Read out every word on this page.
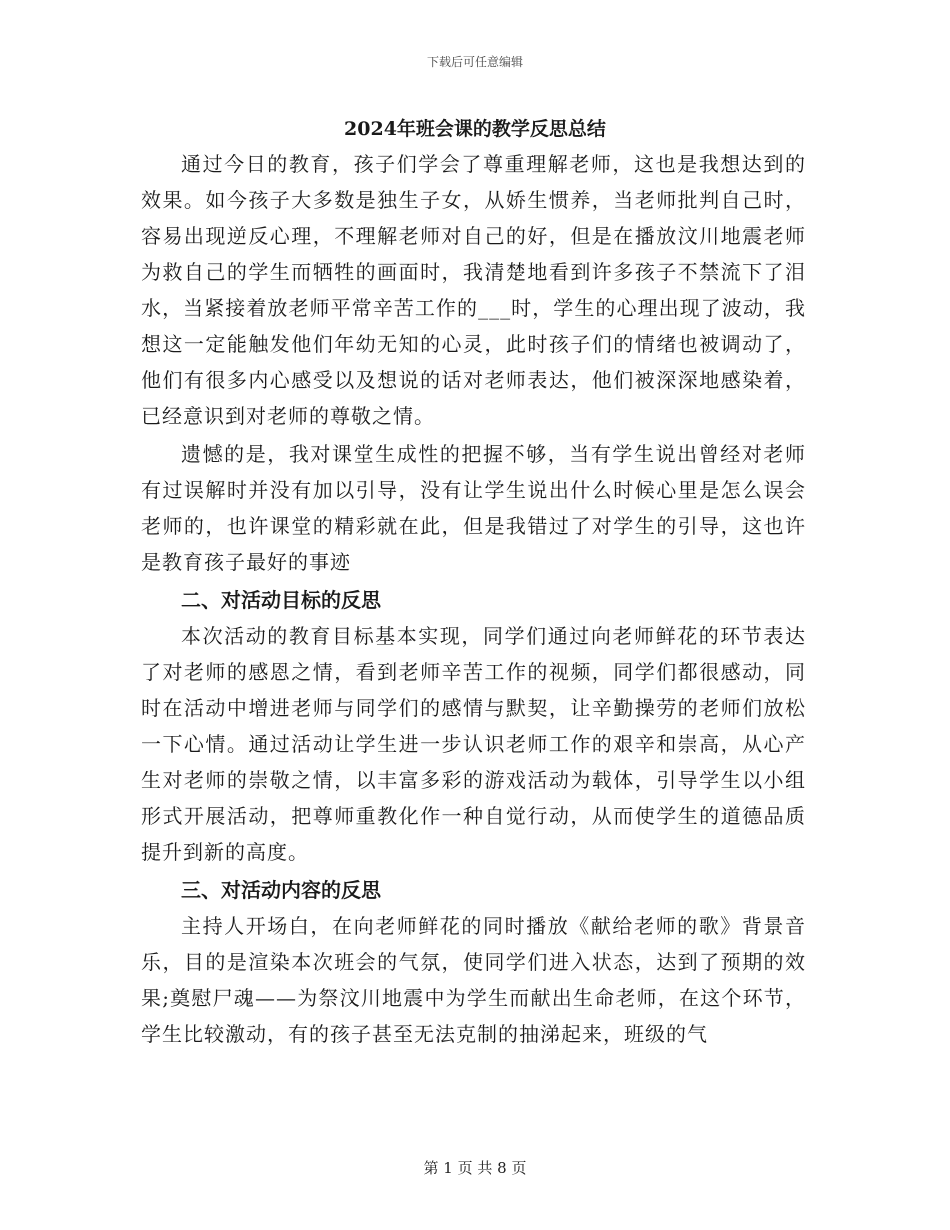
下载后可任意编辑
2024年班会课的教学反思总结

通过今日的教育，孩子们学会了尊重理解老师，这也是我想达到的效果。如今孩子大多数是独生子女，从娇生惯养，当老师批判自己时，容易出现逆反心理，不理解老师对自己的好，但是在播放汶川地震老师为救自己的学生而牺牲的画面时，我清楚地看到许多孩子不禁流下了泪水，当紧接着放老师平常辛苦工作的___时，学生的心理出现了波动，我想这一定能触发他们年幼无知的心灵，此时孩子们的情绪也被调动了，他们有很多内心感受以及想说的话对老师表达，他们被深深地感染着，已经意识到对老师的尊敬之情。

遗憾的是，我对课堂生成性的把握不够，当有学生说出曾经对老师有过误解时并没有加以引导，没有让学生说出什么时候心里是怎么误会老师的，也许课堂的精彩就在此，但是我错过了对学生的引导，这也许是教育孩子最好的事迹

二、对活动目标的反思

本次活动的教育目标基本实现，同学们通过向老师鲜花的环节表达了对老师的感恩之情，看到老师辛苦工作的视频，同学们都很感动，同时在活动中增进老师与同学们的感情与默契，让辛勤操劳的老师们放松一下心情。通过活动让学生进一步认识老师工作的艰辛和崇高，从心产生对老师的崇敬之情，以丰富多彩的游戏活动为载体，引导学生以小组形式开展活动，把尊师重教化作一种自觉行动，从而使学生的道德品质提升到新的高度。

三、对活动内容的反思

主持人开场白，在向老师鲜花的同时播放《献给老师的歌》背景音乐，目的是渲染本次班会的气氛，使同学们进入状态，达到了预期的效果;奠慰尸魂——为祭汶川地震中为学生而献出生命老师，在这个环节，学生比较激动，有的孩子甚至无法克制的抽涕起来，班级的气

第 1 页 共 8 页
